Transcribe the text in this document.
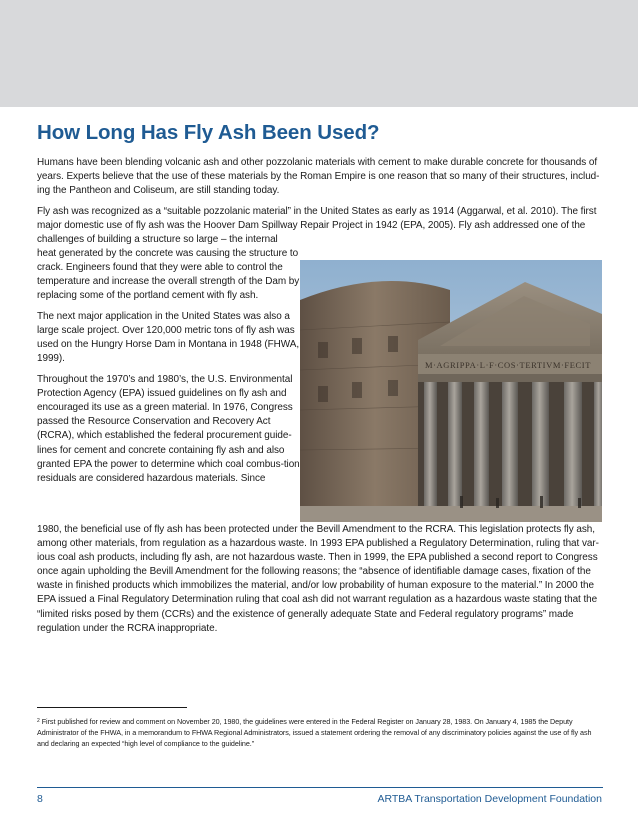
How Long Has Fly Ash Been Used?

Humans have been blending volcanic ash and other pozzolanic materials with cement to make durable concrete for thousands of years. Experts believe that the use of these materials by the Roman Empire is one reason that so many of their structures, includ-ing the Pantheon and Coliseum, are still standing today.

Fly ash was recognized as a “suitable pozzolanic material” in the United States as early as 1914 (Aggarwal, et al. 2010). The first major domestic use of fly ash was the Hoover Dam Spillway Repair Project in 1942 (EPA, 2005). Fly ash addressed one of the challenges of building a structure so large – the internal

heat generated by the concrete was causing the structure to crack. Engineers found that they were able to control the temperature and increase the overall strength of the Dam by replacing some of the portland cement with fly ash.

The next major application in the United States was also a large scale project. Over 120,000 metric tons of fly ash was used on the Hungry Horse Dam in Montana in 1948 (FHWA, 1999).

Throughout the 1970’s and 1980’s, the U.S. Environmental Protection Agency (EPA) issued guidelines on fly ash and encouraged its use as a green material. In 1976, Congress passed the Resource Conservation and Recovery Act (RCRA), which established the federal procurement guide-lines for cement and concrete containing fly ash and also granted EPA the power to determine which coal combus-tion residuals are considered hazardous materials. Since

1980, the beneficial use of fly ash has been protected under the Bevill Amendment to the RCRA. This legislation protects fly ash, among other materials, from regulation as a hazardous waste. In 1993 EPA published a Regulatory Determination, ruling that var-ious coal ash products, including fly ash, are not hazardous waste. Then in 1999, the EPA published a second report to Congress once again upholding the Bevill Amendment for the following reasons; the “absence of identifiable damage cases, fixation of the waste in finished products which immobilizes the material, and/or low probability of human exposure to the material.” In 2000 the EPA issued a Final Regulatory Determination ruling that coal ash did not warrant regulation as a hazardous waste stating that the “limited risks posed by them (CCRs) and the existence of generally adequate State and Federal regulatory programs” made regulation under the RCRA inappropriate.
M·AGRIPPA·L·F·COS·TERTIVM·FECIT
$^2$ First published for review and comment on November 20, 1980, the guidelines were entered in the Federal Register on January 28, 1983. On January 4, 1985 the Deputy Administrator of the FHWA, in a memorandum to FHWA Regional Administrators, issued a statement ordering the removal of any discriminatory policies against the use of fly ash and declaring an expected “high level of compliance to the guideline.”
8	ARTBA Transportation Development Foundation
